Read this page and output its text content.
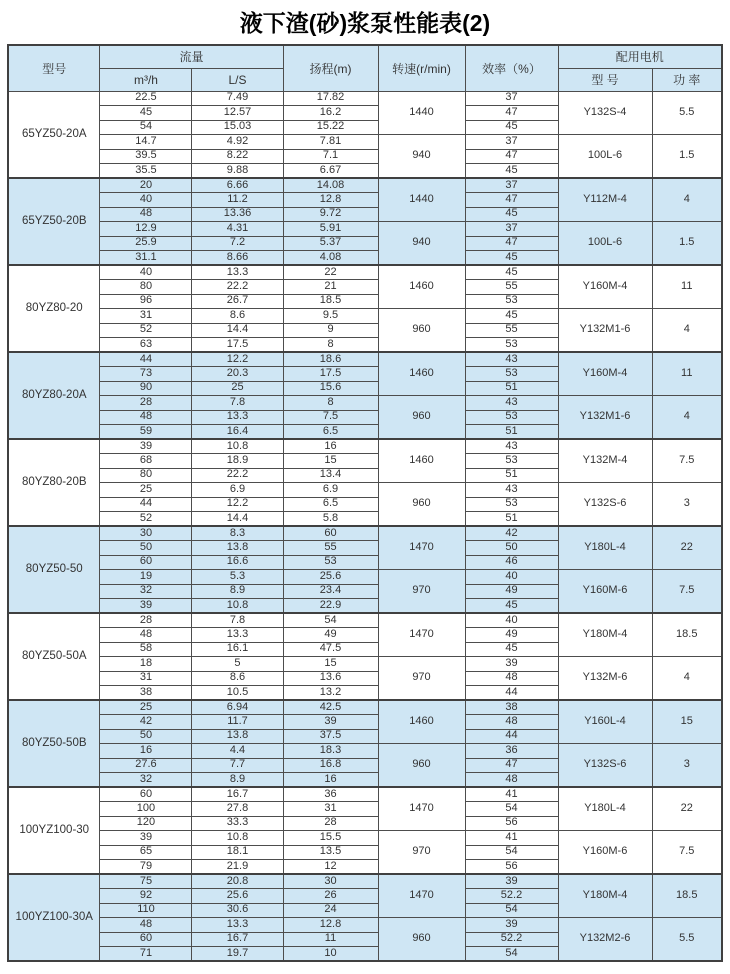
液下渣(砂)浆泵性能表(2)
型号	流量		扬程(m)	转速(r/min)	效率（%）	配用电机	
	m³/h	L/S				型 号	功 率
65YZ50-20A	22.5	7.49	17.82	1440	37	Y132S-4	5.5
	45	12.57	16.2		47		
	54	15.03	15.22		45		
	14.7	4.92	7.81	940	37	100L-6	1.5
	39.5	8.22	7.1		47		
	35.5	9.88	6.67		45		
65YZ50-20B	20	6.66	14.08	1440	37	Y112M-4	4
	40	11.2	12.8		47		
	48	13.36	9.72		45		
	12.9	4.31	5.91	940	37	100L-6	1.5
	25.9	7.2	5.37		47		
	31.1	8.66	4.08		45		
80YZ80-20	40	13.3	22	1460	45	Y160M-4	11
	80	22.2	21		55		
	96	26.7	18.5		53		
	31	8.6	9.5	960	45	Y132M1-6	4
	52	14.4	9		55		
	63	17.5	8		53		
80YZ80-20A	44	12.2	18.6	1460	43	Y160M-4	11
	73	20.3	17.5		53		
	90	25	15.6		51		
	28	7.8	8	960	43	Y132M1-6	4
	48	13.3	7.5		53		
	59	16.4	6.5		51		
80YZ80-20B	39	10.8	16	1460	43	Y132M-4	7.5
	68	18.9	15		53		
	80	22.2	13.4		51		
	25	6.9	6.9	960	43	Y132S-6	3
	44	12.2	6.5		53		
	52	14.4	5.8		51		
80YZ50-50	30	8.3	60	1470	42	Y180L-4	22
	50	13.8	55		50		
	60	16.6	53		46		
	19	5.3	25.6	970	40	Y160M-6	7.5
	32	8.9	23.4		49		
	39	10.8	22.9		45		
80YZ50-50A	28	7.8	54	1470	40	Y180M-4	18.5
	48	13.3	49		49		
	58	16.1	47.5		45		
	18	5	15	970	39	Y132M-6	4
	31	8.6	13.6		48		
	38	10.5	13.2		44		
80YZ50-50B	25	6.94	42.5	1460	38	Y160L-4	15
	42	11.7	39		48		
	50	13.8	37.5		44		
	16	4.4	18.3	960	36	Y132S-6	3
	27.6	7.7	16.8		47		
	32	8.9	16		48		
100YZ100-30	60	16.7	36	1470	41	Y180L-4	22
	100	27.8	31		54		
	120	33.3	28		56		
	39	10.8	15.5	970	41	Y160M-6	7.5
	65	18.1	13.5		54		
	79	21.9	12		56		
100YZ100-30A	75	20.8	30	1470	39	Y180M-4	18.5
	92	25.6	26		52.2		
	110	30.6	24		54		
	48	13.3	12.8	960	39	Y132M2-6	5.5
	60	16.7	11		52.2		
	71	19.7	10		54		
